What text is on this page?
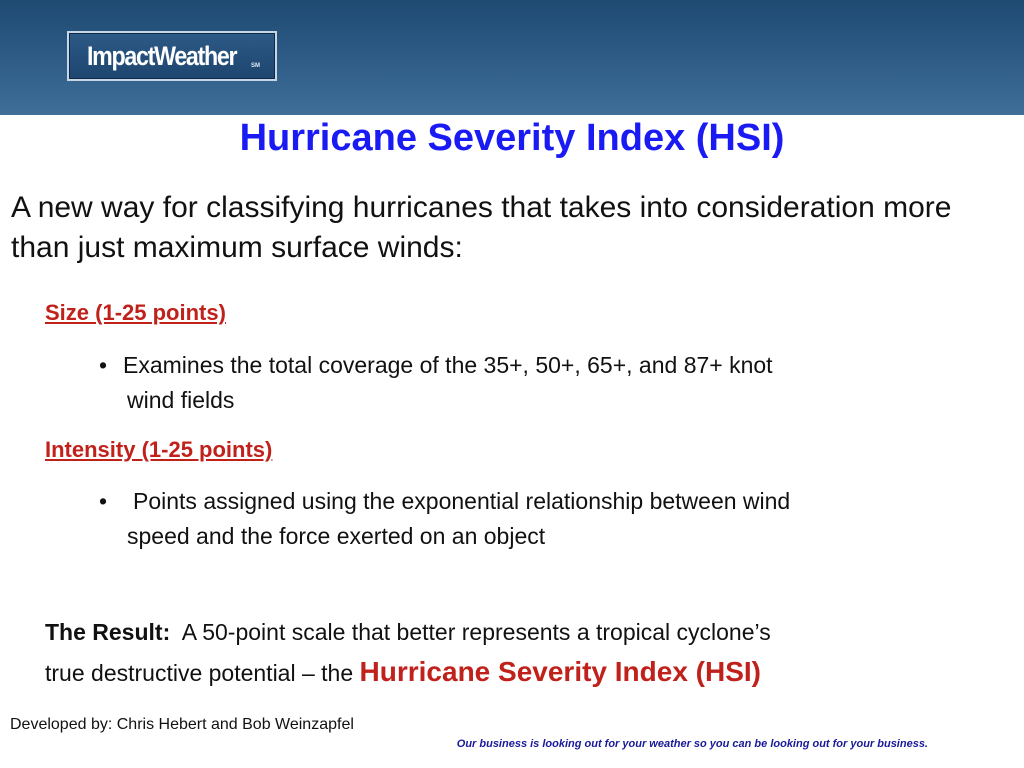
ImpactWeather SM
Hurricane Severity Index (HSI)
A new way for classifying hurricanes that takes into consideration more than just maximum surface winds:
Size (1-25 points)
• Examines the total coverage of the 35+, 50+, 65+, and 87+ knot
wind fields
Intensity (1-25 points)
• Points assigned using the exponential relationship between wind
speed and the force exerted on an object
The Result: A 50-point scale that better represents a tropical cyclone’s
true destructive potential – the Hurricane Severity Index (HSI)
Developed by: Chris Hebert and Bob Weinzapfel
Our business is looking out for your weather so you can be looking out for your business.
